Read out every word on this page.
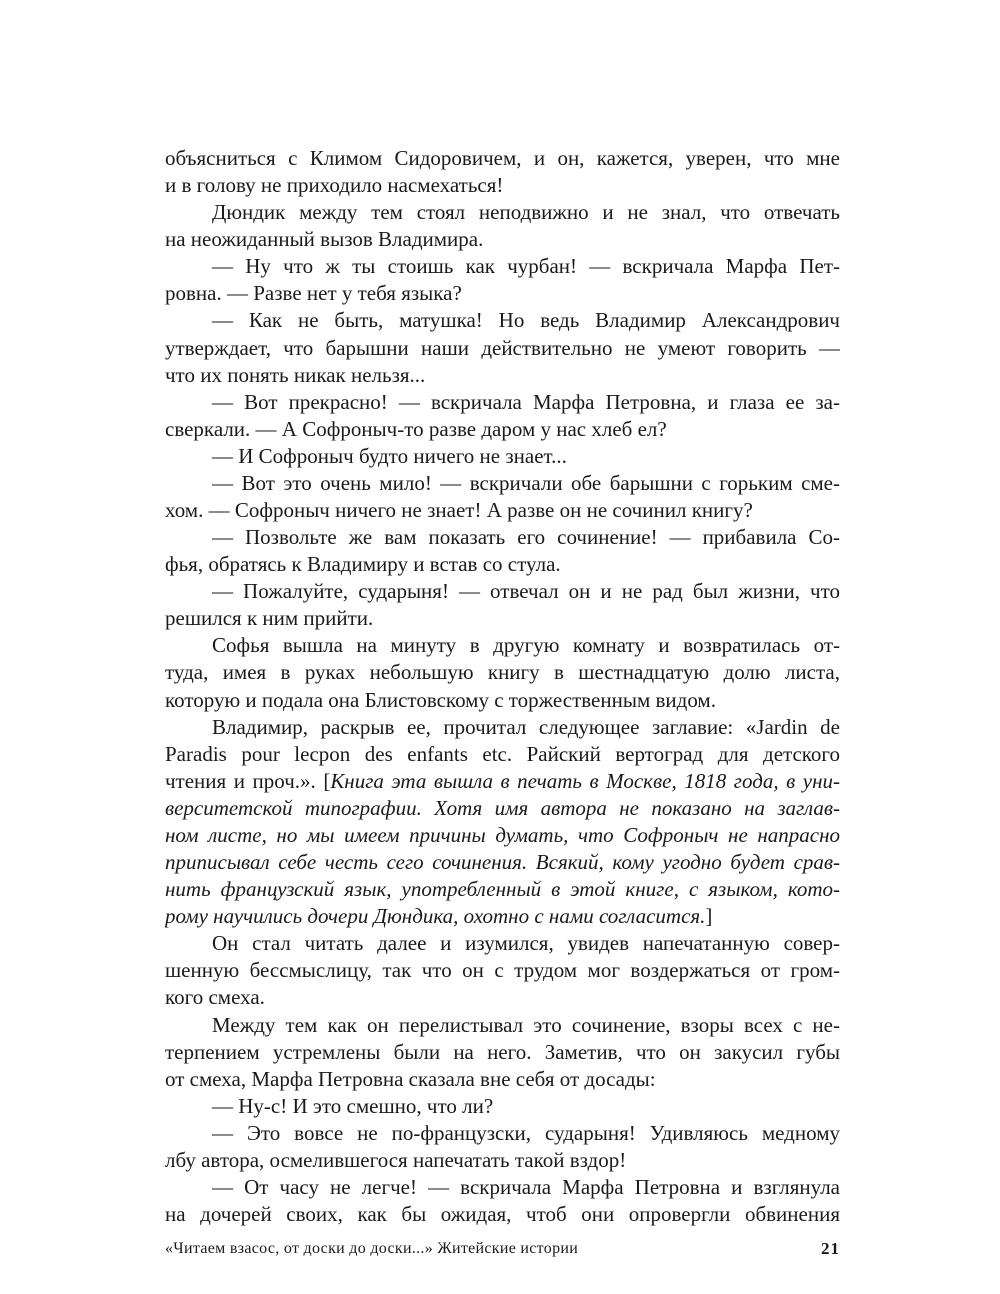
объясниться с Климом Сидоровичем, и он, кажется, уверен, что мне
и в голову не приходило насмехаться!
Дюндик между тем стоял неподвижно и не знал, что отвечать
на неожиданный вызов Владимира.
— Ну что ж ты стоишь как чурбан! — вскричала Марфа Пет-
ровна. — Разве нет у тебя языка?
— Как не быть, матушка! Но ведь Владимир Александрович
утверждает, что барышни наши действительно не умеют говорить —
что их понять никак нельзя...
— Вот прекрасно! — вскричала Марфа Петровна, и глаза ее за-
сверкали. — А Софроныч-то разве даром у нас хлеб ел?
— И Софроныч будто ничего не знает...
— Вот это очень мило! — вскричали обе барышни с горьким сме-
хом. — Софроныч ничего не знает! А разве он не сочинил книгу?
— Позвольте же вам показать его сочинение! — прибавила Со-
фья, обратясь к Владимиру и встав со стула.
— Пожалуйте, сударыня! — отвечал он и не рад был жизни, что
решился к ним прийти.
Софья вышла на минуту в другую комнату и возвратилась от-
туда, имея в руках небольшую книгу в шестнадцатую долю листа,
которую и подала она Блистовскому с торжественным видом.
Владимир, раскрыв ее, прочитал следующее заглавие: «Jardin de
Paradis pour lecpon des enfants etc. Райский вертоград для детского
чтения и проч.». [Книга эта вышла в печать в Москве, 1818 года, в уни-
верситетской типографии. Хотя имя автора не показано на заглав-
ном листе, но мы имеем причины думать, что Софроныч не напрасно
приписывал себе честь сего сочинения. Всякий, кому угодно будет срав-
нить французский язык, употребленный в этой книге, с языком, кото-
рому научились дочери Дюндика, охотно с нами согласится.]
Он стал читать далее и изумился, увидев напечатанную совер-
шенную бессмыслицу, так что он с трудом мог воздержаться от гром-
кого смеха.
Между тем как он перелистывал это сочинение, взоры всех с не-
терпением устремлены были на него. Заметив, что он закусил губы
от смеха, Марфа Петровна сказала вне себя от досады:
— Ну-с! И это смешно, что ли?
— Это вовсе не по-французски, сударыня! Удивляюсь медному
лбу автора, осмелившегося напечатать такой вздор!
— От часу не легче! — вскричала Марфа Петровна и взглянула
на дочерей своих, как бы ожидая, чтоб они опровергли обвинения
«Читаем взасос, от доски до доски...» Житейские истории	21
